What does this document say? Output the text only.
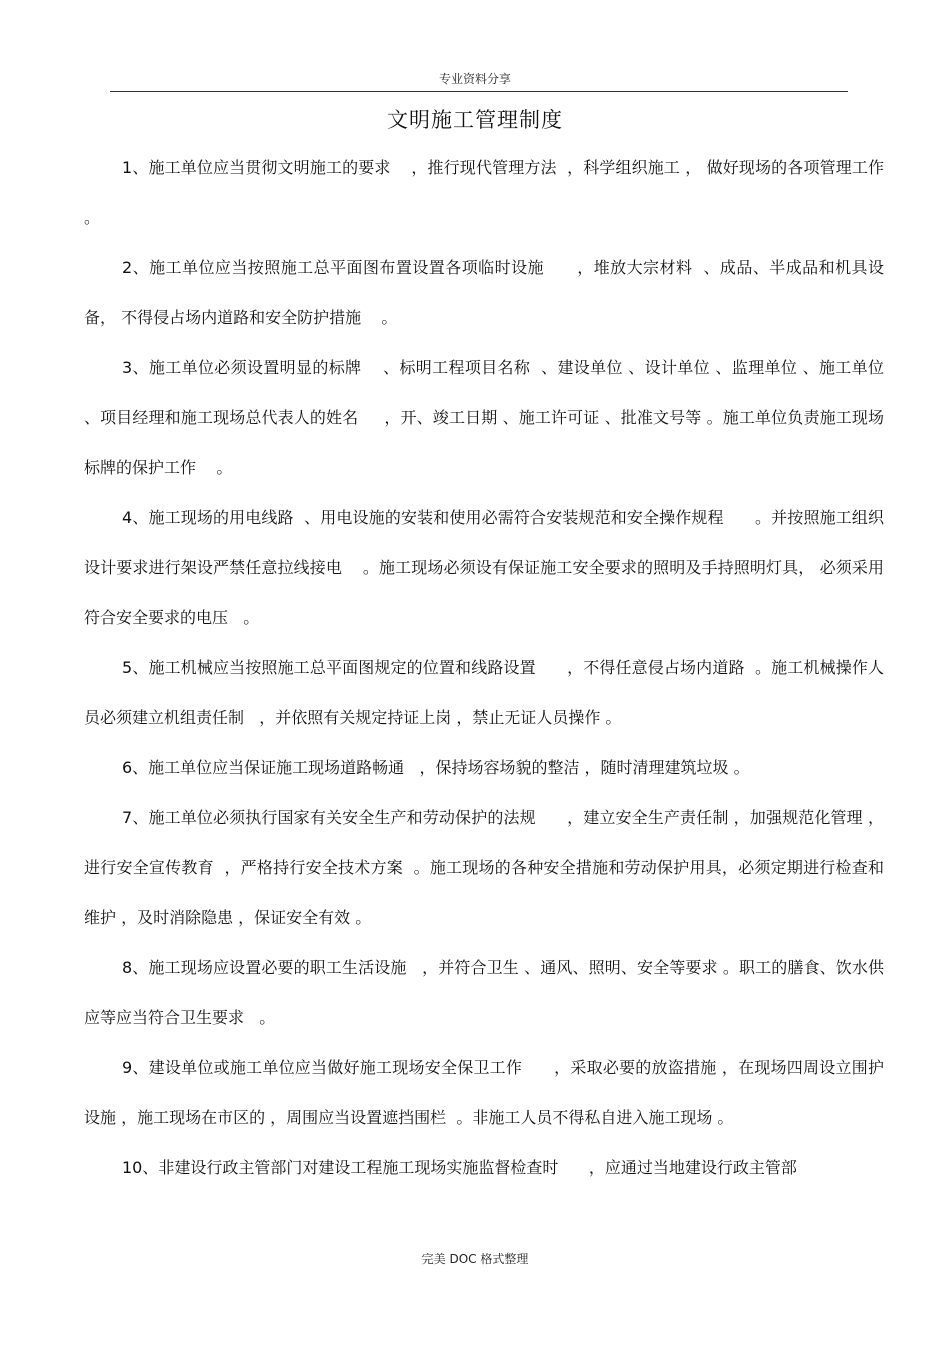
专业资料分享
文明施工管理制度

1、施工单位应当贯彻文明施工的要求    ，推行现代管理方法  ，科学组织施工 ， 做好现场的各项管理工作 。

2、施工单位应当按照施工总平面图布置设置各项临时设施      ，堆放大宗材料  、成品、半成品和机具设备， 不得侵占场内道路和安全防护措施    。

3、施工单位必须设置明显的标牌    、标明工程项目名称  、建设单位 、设计单位 、监理单位 、施工单位 、项目经理和施工现场总代表人的姓名     ，开、竣工日期 、施工许可证 、批准文号等 。施工单位负责施工现场标牌的保护工作    。

4、施工现场的用电线路  、用电设施的安装和使用必需符合安装规范和安全操作规程      。并按照施工组织设计要求进行架设严禁任意拉线接电    。施工现场必须设有保证施工安全要求的照明及手持照明灯具， 必须采用符合安全要求的电压   。

5、施工机械应当按照施工总平面图规定的位置和线路设置      ，不得任意侵占场内道路  。施工机械操作人员必须建立机组责任制   ，并依照有关规定持证上岗 ，禁止无证人员操作 。

6、施工单位应当保证施工现场道路畅通   ，保持场容场貌的整洁 ，随时清理建筑垃圾 。

7、施工单位必须执行国家有关安全生产和劳动保护的法规      ，建立安全生产责任制 ，加强规范化管理 ，进行安全宣传教育  ，严格持行安全技术方案  。施工现场的各种安全措施和劳动保护用具，必须定期进行检查和维护 ，及时消除隐患 ，保证安全有效 。

8、施工现场应设置必要的职工生活设施   ，并符合卫生 、通风、照明、安全等要求 。职工的膳食、饮水供应等应当符合卫生要求   。

9、建设单位或施工单位应当做好施工现场安全保卫工作      ，采取必要的放盗措施 ，在现场四周设立围护设施 ，施工现场在市区的 ，周围应当设置遮挡围栏  。非施工人员不得私自进入施工现场 。

10、非建设行政主管部门对建设工程施工现场实施监督检查时      ，应通过当地建设行政主管部

完美 DOC 格式整理
